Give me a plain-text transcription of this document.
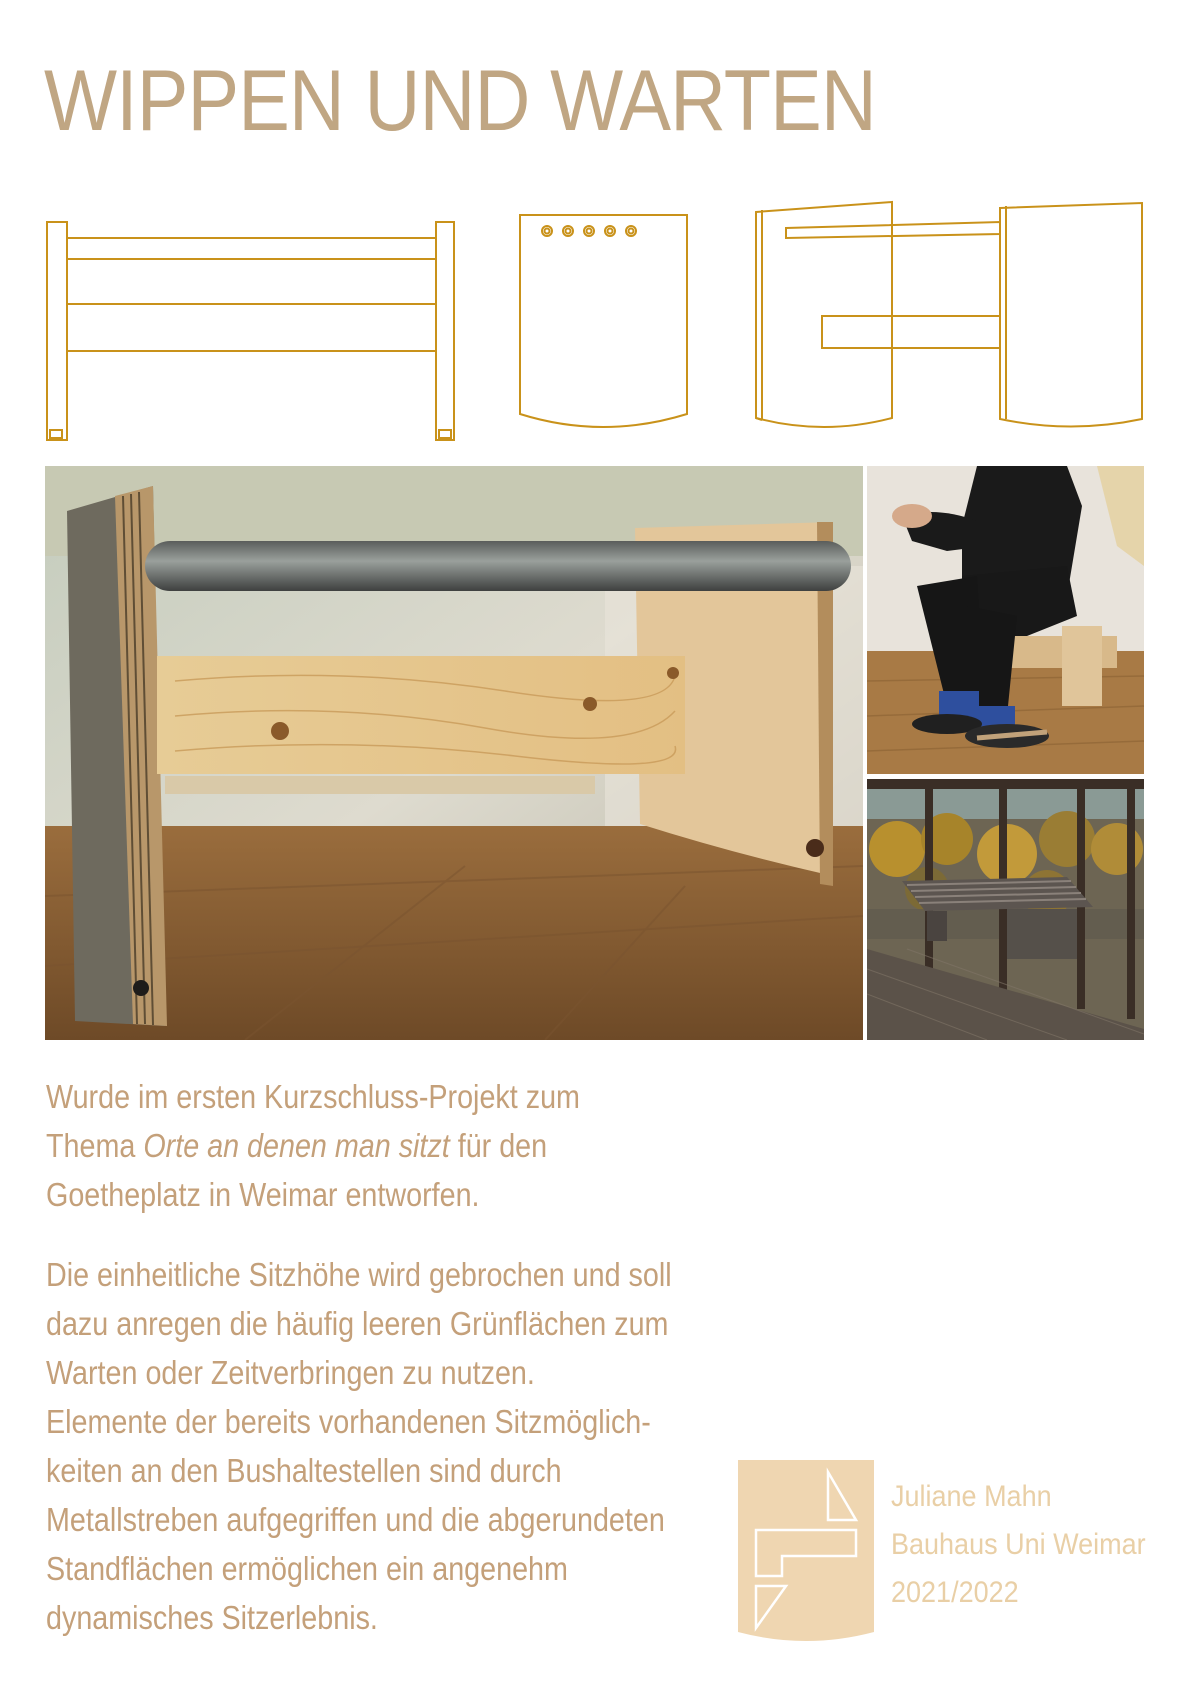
WIPPEN UND WARTEN
Wurde im ersten Kurzschluss-Projekt zum
Thema Orte an denen man sitzt für den
Goetheplatz in Weimar entworfen.
Die einheitliche Sitzhöhe wird gebrochen und soll
dazu anregen die häufig leeren Grünflächen zum
Warten oder Zeitverbringen zu nutzen.
Elemente der bereits vorhandenen Sitzmöglich-
keiten an den Bushaltestellen sind durch
Metallstreben aufgegriffen und die abgerundeten
Standflächen ermöglichen ein angenehm
dynamisches Sitzerlebnis.
Juliane Mahn
Bauhaus Uni Weimar
2021/2022
